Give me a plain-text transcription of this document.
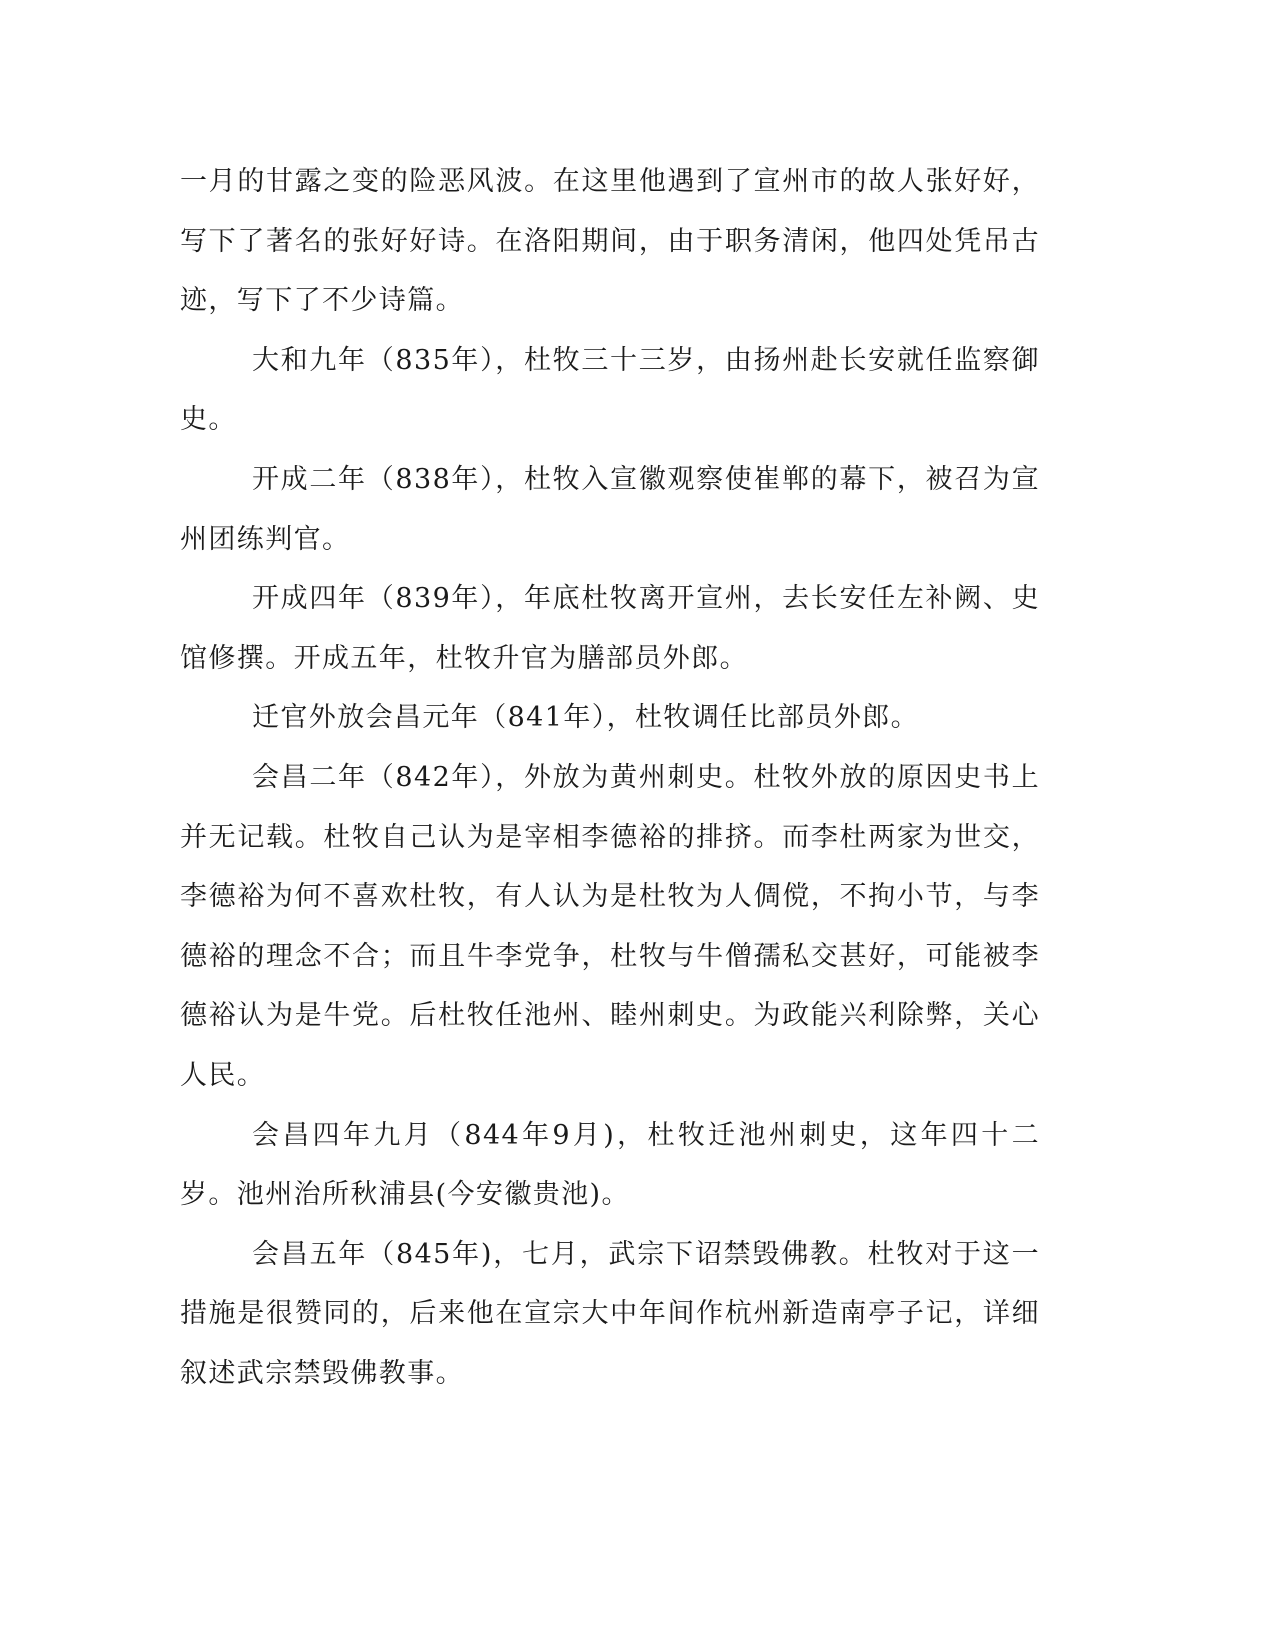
一月的甘露之变的险恶风波。在这里他遇到了宣州市的故人张好好，写下了著名的张好好诗。在洛阳期间，由于职务清闲，他四处凭吊古迹，写下了不少诗篇。

大和九年（835年），杜牧三十三岁，由扬州赴长安就任监察御史。

开成二年（838年），杜牧入宣徽观察使崔郸的幕下，被召为宣州团练判官。

开成四年（839年），年底杜牧离开宣州，去长安任左补阙、史馆修撰。开成五年，杜牧升官为膳部员外郎。

迁官外放会昌元年（841年），杜牧调任比部员外郎。

会昌二年（842年），外放为黄州刺史。杜牧外放的原因史书上并无记载。杜牧自己认为是宰相李德裕的排挤。而李杜两家为世交，李德裕为何不喜欢杜牧，有人认为是杜牧为人倜傥，不拘小节，与李德裕的理念不合；而且牛李党争，杜牧与牛僧孺私交甚好，可能被李德裕认为是牛党。后杜牧任池州、睦州刺史。为政能兴利除弊，关心人民。

会昌四年九月（844年9月)，杜牧迁池州刺史，这年四十二岁。池州治所秋浦县(今安徽贵池)。

会昌五年（845年)，七月，武宗下诏禁毁佛教。杜牧对于这一措施是很赞同的，后来他在宣宗大中年间作杭州新造南亭子记，详细叙述武宗禁毁佛教事。
